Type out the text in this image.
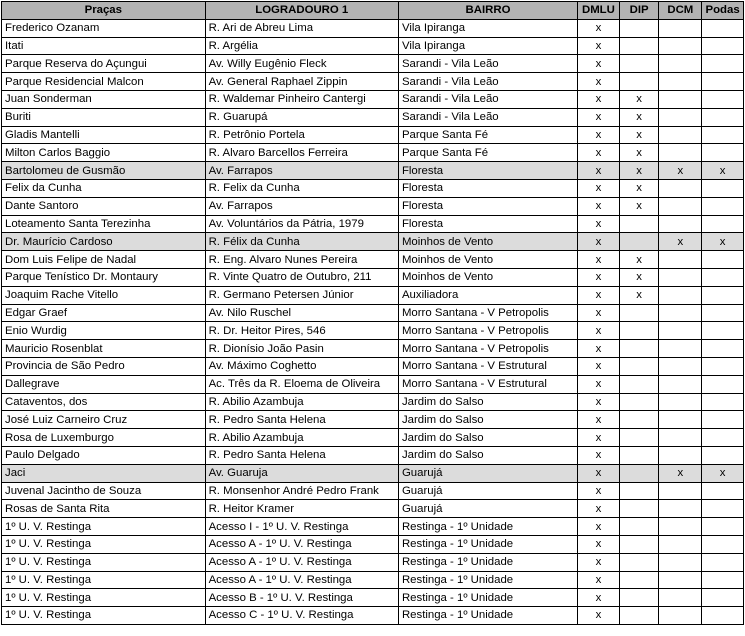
Praças	LOGRADOURO 1	BAIRRO	DMLU	DIP	DCM	Podas
Frederico Ozanam	R. Ari de Abreu Lima	Vila Ipiranga	x			
Itati	R. Argélia	Vila Ipiranga	x			
Parque Reserva do Açungui	Av. Willy Eugênio Fleck	Sarandi - Vila Leão	x			
Parque Residencial Malcon	Av. General Raphael Zippin	Sarandi - Vila Leão	x			
Juan Sonderman	R. Waldemar Pinheiro Cantergi	Sarandi - Vila Leão	x	x		
Buriti	R. Guarupá	Sarandi - Vila Leão	x	x		
Gladis Mantelli	R. Petrônio Portela	Parque Santa Fé	x	x		
Milton Carlos Baggio	R. Alvaro Barcellos Ferreira	Parque Santa Fé	x	x		
Bartolomeu de Gusmão	Av. Farrapos	Floresta	x	x	x	x
Felix da Cunha	R. Felix da Cunha	Floresta	x	x		
Dante Santoro	Av. Farrapos	Floresta	x	x		
Loteamento Santa Terezinha	Av. Voluntários da Pátria, 1979	Floresta	x			
Dr. Maurício Cardoso	R. Félix da Cunha	Moinhos de Vento	x		x	x
Dom Luis Felipe de Nadal	R. Eng. Alvaro Nunes Pereira	Moinhos de Vento	x	x		
Parque Tenístico Dr. Montaury	R. Vinte Quatro de Outubro, 211	Moinhos de Vento	x	x		
Joaquim Rache Vitello	R. Germano Petersen Júnior	Auxiliadora	x	x		
Edgar Graef	Av. Nilo Ruschel	Morro Santana - V Petropolis	x			
Enio Wurdig	R. Dr. Heitor Pires, 546	Morro Santana - V Petropolis	x			
Mauricio Rosenblat	R. Dionísio João Pasin	Morro Santana - V Petropolis	x			
Provincia de São Pedro	Av. Máximo Coghetto	Morro Santana - V Estrutural	x			
Dallegrave	Ac. Três da R. Eloema de Oliveira	Morro Santana - V Estrutural	x			
Cataventos, dos	R. Abilio Azambuja	Jardim do Salso	x			
José Luiz Carneiro Cruz	R. Pedro Santa Helena	Jardim do Salso	x			
Rosa de Luxemburgo	R. Abilio Azambuja	Jardim do Salso	x			
Paulo Delgado	R. Pedro Santa Helena	Jardim do Salso	x			
Jaci	Av. Guaruja	Guarujá	x		x	x
Juvenal Jacintho de Souza	R. Monsenhor André Pedro Frank	Guarujá	x			
Rosas de Santa Rita	R. Heitor Kramer	Guarujá	x			
1º U. V. Restinga	Acesso I - 1º U. V. Restinga	Restinga - 1º Unidade	x			
1º U. V. Restinga	Acesso A - 1º U. V. Restinga	Restinga - 1º Unidade	x			
1º U. V. Restinga	Acesso A - 1º U. V. Restinga	Restinga - 1º Unidade	x			
1º U. V. Restinga	Acesso A - 1º U. V. Restinga	Restinga - 1º Unidade	x			
1º U. V. Restinga	Acesso B - 1º U. V. Restinga	Restinga - 1º Unidade	x			
1º U. V. Restinga	Acesso C - 1º U. V. Restinga	Restinga - 1º Unidade	x			
